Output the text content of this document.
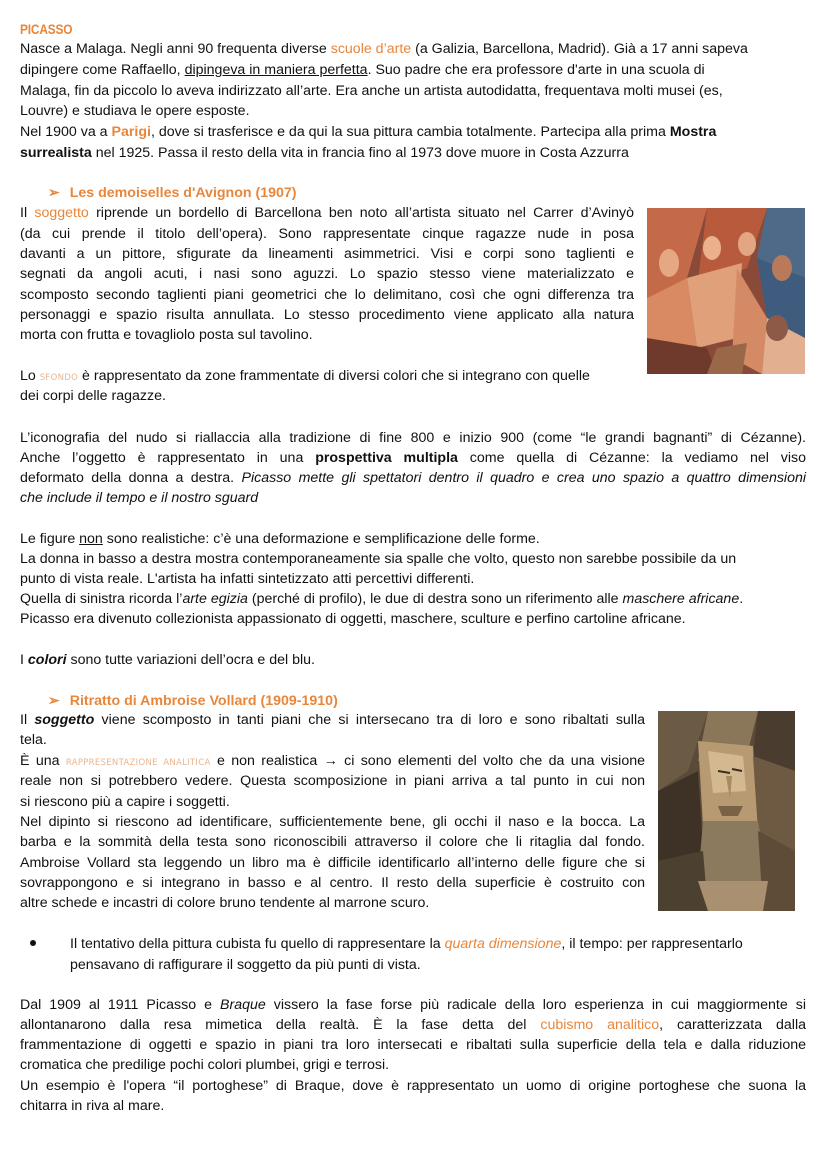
PICASSO
Nasce a Malaga. Negli anni 90 frequenta diverse scuole d’arte (a Galizia, Barcellona, Madrid). Già a 17 anni sapeva
dipingere come Raffaello, dipingeva in maniera perfetta. Suo padre che era professore d'arte in una scuola di
Malaga, fin da piccolo lo aveva indirizzato all’arte. Era anche un artista autodidatta, frequentava molti musei (es,
Louvre) e studiava le opere esposte.
Nel 1900 va a Parigi, dove si trasferisce e da qui la sua pittura cambia totalmente. Partecipa alla prima Mostra
surrealista nel 1925. Passa il resto della vita in francia fino al 1973 dove muore in Costa Azzurra
➢ Les demoiselles d'Avignon (1907)
Il soggetto riprende un bordello di Barcellona ben noto all’artista situato nel Carrer d’Avinyò
(da cui prende il titolo dell’opera). Sono rappresentate cinque ragazze nude in posa
davanti a un pittore, sfigurate da lineamenti asimmetrici. Visi e corpi sono taglienti e
segnati da angoli acuti, i nasi sono aguzzi. Lo spazio stesso viene materializzato e
scomposto secondo taglienti piani geometrici che lo delimitano, così che ogni differenza tra
personaggi e spazio risulta annullata. Lo stesso procedimento viene applicato alla natura
morta con frutta e tovagliolo posta sul tavolino.
Lo SFONDO è rappresentato da zone frammentate di diversi colori che si integrano con quelle
dei corpi delle ragazze.
L’iconografia del nudo si riallaccia alla tradizione di fine 800 e inizio 900 (come “le grandi bagnanti” di Cézanne).
Anche l’oggetto è rappresentato in una prospettiva multipla come quella di Cézanne: la vediamo nel viso
deformato della donna a destra. Picasso mette gli spettatori dentro il quadro e crea uno spazio a quattro dimensioni
che include il tempo e il nostro sguard
Le figure non sono realistiche: c’è una deformazione e semplificazione delle forme.
La donna in basso a destra mostra contemporaneamente sia spalle che volto, questo non sarebbe possibile da un
punto di vista reale. L'artista ha infatti sintetizzato atti percettivi differenti.
Quella di sinistra ricorda l’arte egizia (perché di profilo), le due di destra sono un riferimento alle maschere africane.
Picasso era divenuto collezionista appassionato di oggetti, maschere, sculture e perfino cartoline africane.
I colori sono tutte variazioni dell’ocra e del blu.
➢ Ritratto di Ambroise Vollard (1909-1910)
Il soggetto viene scomposto in tanti piani che si intersecano tra di loro e sono ribaltati sulla
tela.
È una RAPPRESENTAZIONE ANALITICA e non realistica → ci sono elementi del volto che da una visione
reale non si potrebbero vedere. Questa scomposizione in piani arriva a tal punto in cui non
si riescono più a capire i soggetti.
Nel dipinto si riescono ad identificare, sufficientemente bene, gli occhi il naso e la bocca. La
barba e la sommità della testa sono riconoscibili attraverso il colore che li ritaglia dal fondo.
Ambroise Vollard sta leggendo un libro ma è difficile identificarlo all’interno delle figure che si
sovrappongono e si integrano in basso e al centro. Il resto della superficie è costruito con
altre schede e incastri di colore bruno tendente al marrone scuro.
Il tentativo della pittura cubista fu quello di rappresentare la quarta dimensione, il tempo: per rappresentarlo
pensavano di raffigurare il soggetto da più punti di vista.
Dal 1909 al 1911 Picasso e Braque vissero la fase forse più radicale della loro esperienza in cui maggiormente si
allontanarono dalla resa mimetica della realtà. È la fase detta del cubismo analitico, caratterizzata dalla
frammentazione di oggetti e spazio in piani tra loro intersecati e ribaltati sulla superficie della tela e dalla riduzione
cromatica che predilige pochi colori plumbei, grigi e terrosi.
Un esempio è l'opera “il portoghese” di Braque, dove è rappresentato un uomo di origine portoghese che suona la
chitarra in riva al mare.
